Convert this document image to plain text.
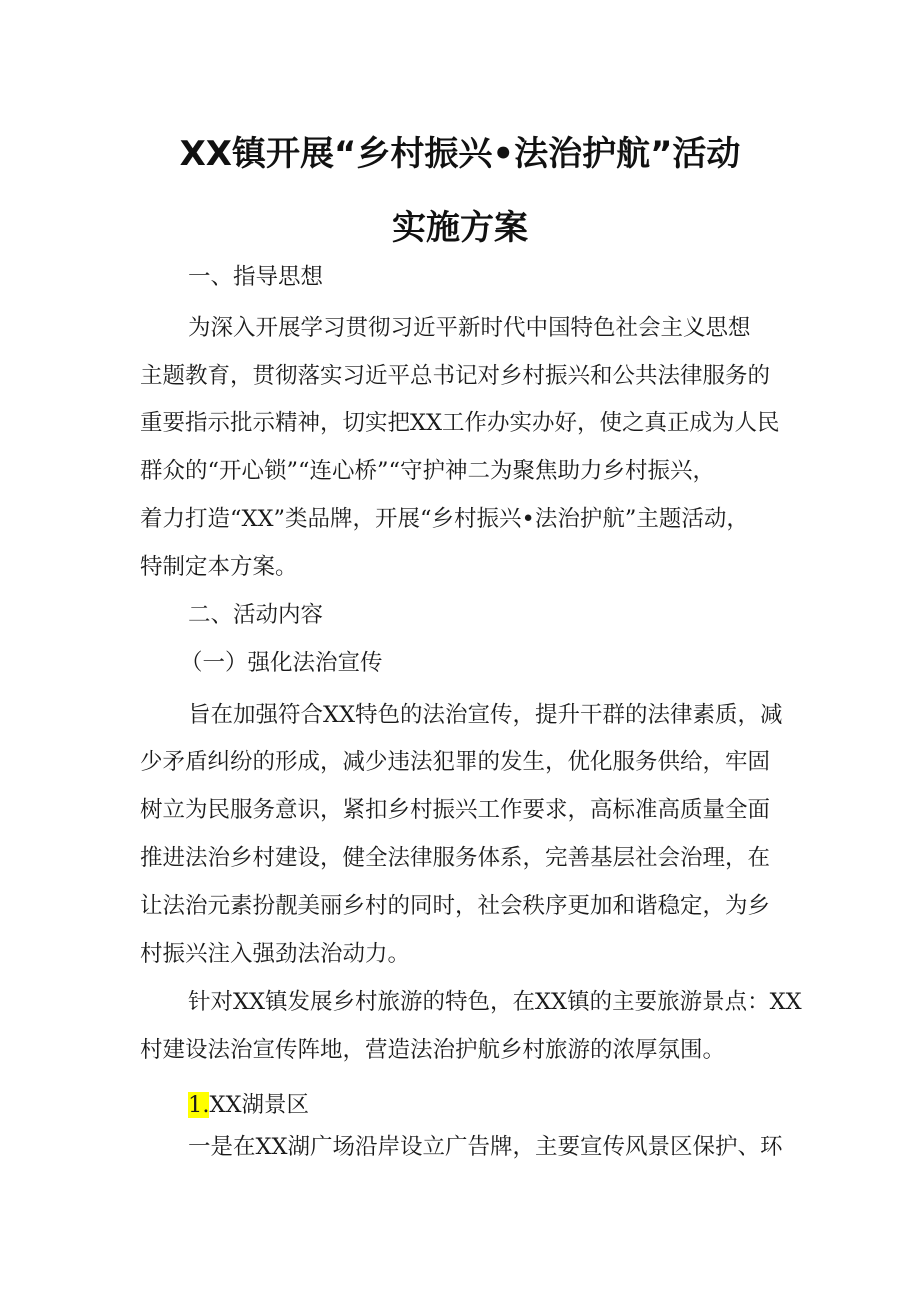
XX镇开展“乡村振兴•法治护航”活动
实施方案
一、指导思想
为深入开展学习贯彻习近平新时代中国特色社会主义思想
主题教育，贯彻落实习近平总书记对乡村振兴和公共法律服务的
重要指示批示精神，切实把XX工作办实办好，使之真正成为人民
群众的“开心锁”“连心桥”“守护神二为聚焦助力乡村振兴，
着力打造“XX”类品牌，开展“乡村振兴•法治护航”主题活动，
特制定本方案。
二、活动内容
（一）强化法治宣传
旨在加强符合XX特色的法治宣传，提升干群的法律素质，减
少矛盾纠纷的形成，减少违法犯罪的发生，优化服务供给，牢固
树立为民服务意识，紧扣乡村振兴工作要求，高标准高质量全面
推进法治乡村建设，健全法律服务体系，完善基层社会治理，在
让法治元素扮靓美丽乡村的同时，社会秩序更加和谐稳定，为乡
村振兴注入强劲法治动力。
针对XX镇发展乡村旅游的特色，在XX镇的主要旅游景点：XX
村建设法治宣传阵地，营造法治护航乡村旅游的浓厚氛围。
1.XX湖景区
一是在XX湖广场沿岸设立广告牌，主要宣传风景区保护、环
